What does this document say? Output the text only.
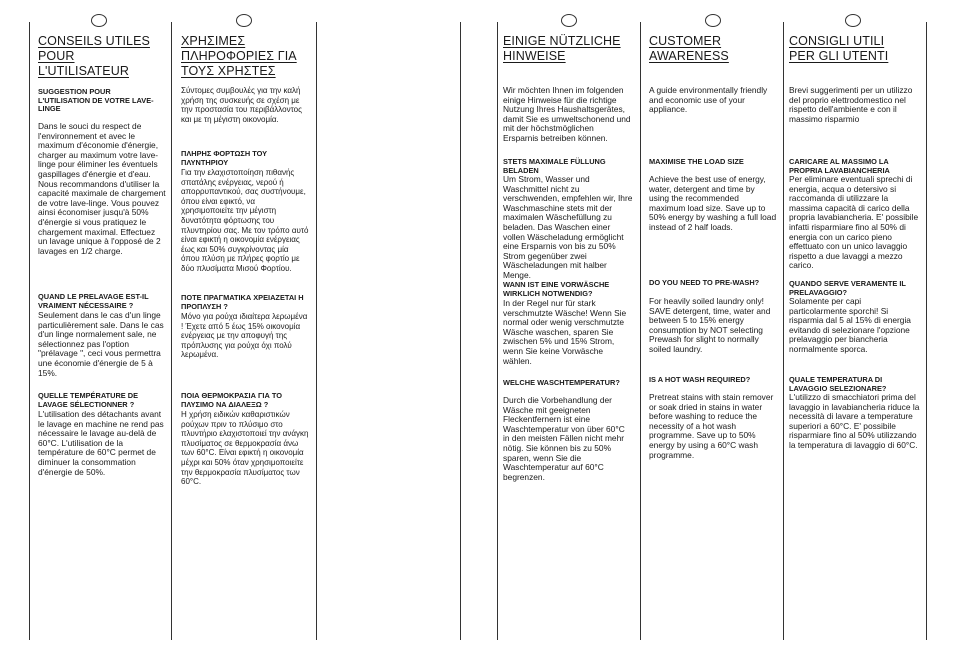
CONSEILS UTILES POUR L'UTILISATEUR
SUGGESTION POUR L'UTILISATION DE VOTRE LAVE-LINGE
Dans le souci du respect de l'environnement et avec le maximum d'économie d'énergie, charger au maximum votre lave-linge pour éliminer les éventuels gaspillages d'énergie et d'eau. Nous recommandons d'utiliser la capacité maximale de chargement de votre lave-linge. Vous pouvez ainsi économiser jusqu'à 50% d'énergie si vous pratiquez le chargement maximal. Effectuez un lavage unique à l'opposé de 2 lavages en 1/2 charge.
QUAND LE PRELAVAGE EST-IL VRAIMENT NÉCESSAIRE ?
Seulement dans le cas d'un linge particulièrement sale. Dans le cas d'un linge normalement sale, ne sélectionnez pas l'option "prélavage ", ceci vous permettra une économie d'énergie de 5 à 15%.
QUELLE TEMPÉRATURE DE LAVAGE SÉLECTIONNER ?
L'utilisation des détachants avant le lavage en machine ne rend pas nécessaire le lavage au-delà de 60°C. L'utilisation de la température de 60°C permet de diminuer la consommation d'énergie de 50%.
ΧΡΗΣΙΜΕΣ ΠΛΗΡΟΦΟΡΙΕΣ ΓΙΑ ΤΟΥΣ ΧΡΗΣΤΕΣ
Σύντομες συμβουλές για την καλή χρήση της συσκευής σε σχέση με την προστασία του περιβάλλοντος και με τη μέγιστη οικονομία.
ΠΛΗΡΗΣ ΦΟΡΤΩΣΗ ΤΟΥ ΠΛΥΝΤΗΡΙΟΥ
Για την ελαχιστοποίηση πιθανής σπατάλης ενέργειας, νερού ή απορρυπαντικού, σας συστήνουμε, όπου είναι εφικτό, να χρησιμοποιείτε την μέγιστη δυνατότητα φόρτωσης του πλυντηρίου σας. Με τον τρόπο αυτό είναι εφικτή η οικονομία ενέργειας έως και 50% συγκρίνοντας μία όπου πλύση με πλήρες φορτίο με δύο πλυσίματα Μισού Φορτίου.
ΠΟΤΕ ΠΡΑΓΜΑΤΙΚΑ ΧΡΕΙΑΖΕΤΑΙ Η ΠΡΟΠΛΥΣΗ ?
Μόνο για ρούχα ιδιαίτερα λερωμένα ! Έχετε από 5 έως 15% οικονομία ενέργειας με την αποφυγή της πρόπλυσης για ρούχα όχι πολύ λερωμένα.
ΠΟΙΑ ΘΕΡΜΟΚΡΑΣΙΑ ΓΙΑ ΤΟ ΠΛΥΣΙΜΟ ΝΑ ΔΙΑΛΕΞΩ ?
Η χρήση ειδικών καθαριστικών ρούχων πριν το πλύσιμο στο πλυντήριο ελαχιστοποιεί την ανάγκη πλυσίματος σε θερμοκρασία άνω των 60°C. Είναι εφικτή η οικονομία μέχρι και 50% όταν χρησιμοποιείτε την θερμοκρασία πλυσίματος των 60°C.
EINIGE NÜTZLICHE HINWEISE
Wir möchten Ihnen im folgenden einige Hinweise für die richtige Nutzung Ihres Haushaltsgerätes, damit Sie es umweltschonend und mit der höchstmöglichen Ersparnis betreiben können.
STETS MAXIMALE FÜLLUNG BELADEN
Um Strom, Wasser und Waschmittel nicht zu verschwenden, empfehlen wir, Ihre Waschmaschine stets mit der maximalen Wäschefüllung zu beladen. Das Waschen einer vollen Wäscheladung ermöglicht eine Ersparnis von bis zu 50% Strom gegenüber zwei Wäscheladungen mit halber Menge.
WANN IST EINE VORWÄSCHE WIRKLICH NOTWENDIG?
In der Regel nur für stark verschmutzte Wäsche! Wenn Sie normal oder wenig verschmutzte Wäsche waschen, sparen Sie zwischen 5% und 15% Strom, wenn Sie keine Vorwäsche wählen.
WELCHE WASCHTEMPERATUR?
Durch die Vorbehandlung der Wäsche mit geeigneten Fleckentfernern ist eine Waschtemperatur von über 60°C in den meisten Fällen nicht mehr nötig. Sie können bis zu 50% sparen, wenn Sie die Waschtemperatur auf 60°C begrenzen.
CUSTOMER AWARENESS
A guide environmentally friendly and economic use of your appliance.
MAXIMISE THE LOAD SIZE
Achieve the best use of energy, water, detergent and time by using the recommended maximum load size. Save up to 50% energy by washing a full load instead of 2 half loads.
DO YOU NEED TO PRE-WASH?
For heavily soiled laundry only! SAVE detergent, time, water and between 5 to 15% energy consumption by NOT selecting Prewash for slight to normally soiled laundry.
IS A HOT WASH REQUIRED?
Pretreat stains with stain remover or soak dried in stains in water before washing to reduce the necessity of a hot wash programme. Save up to 50% energy by using a 60°C wash programme.
CONSIGLI UTILI PER GLI UTENTI
Brevi suggerimenti per un utilizzo del proprio elettrodomestico nel rispetto dell'ambiente e con il massimo risparmio
CARICARE AL MASSIMO LA PROPRIA LAVABIANCHERIA
Per eliminare eventuali sprechi di energia, acqua o detersivo si raccomanda di utilizzare la massima capacità di carico della propria lavabiancheria. E' possibile infatti risparmiare fino al 50% di energia con un carico pieno effettuato con un unico lavaggio rispetto a due lavaggi a mezzo carico.
QUANDO SERVE VERAMENTE IL PRELAVAGGIO?
Solamente per capi particolarmente sporchi! Si risparmia dal 5 al 15% di energia evitando di selezionare l'opzione prelavaggio per biancheria normalmente sporca.
QUALE TEMPERATURA DI LAVAGGIO SELEZIONARE?
L'utilizzo di smacchiatori prima del lavaggio in lavabiancheria riduce la necessità di lavare a temperature superiori a 60°C. E' possibile risparmiare fino al 50% utilizzando la temperatura di lavaggio di 60°C.
